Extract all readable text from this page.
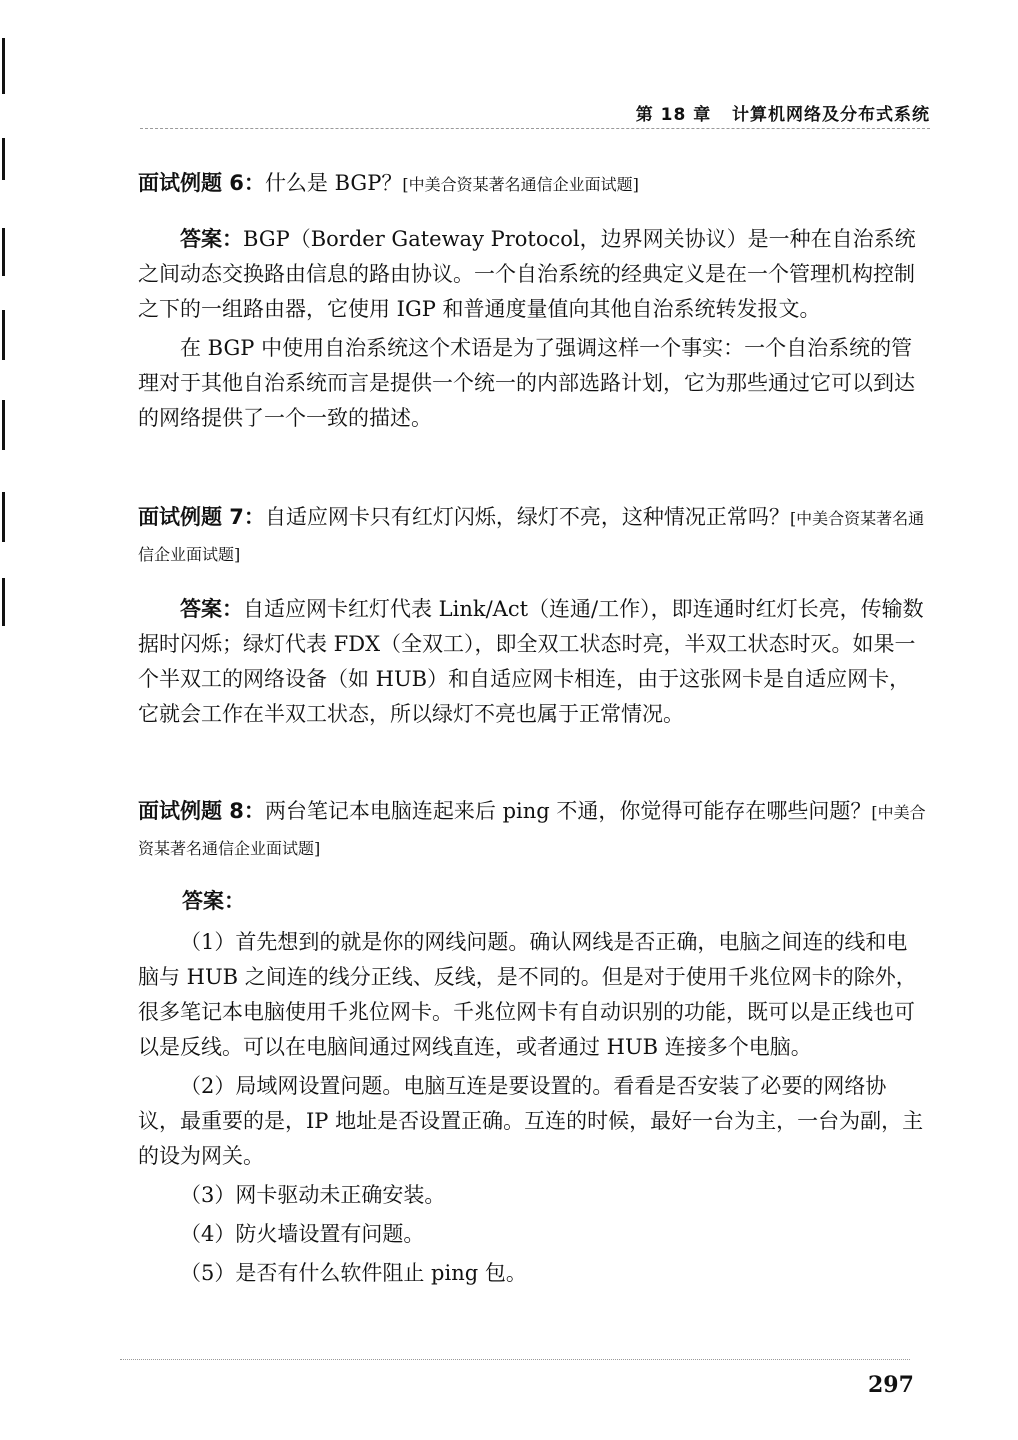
第 18 章 计算机网络及分布式系统

面试例题 6：什么是 BGP？[中美合资某著名通信企业面试题]

答案：BGP（Border Gateway Protocol，边界网关协议）是一种在自治系统之间动态交换路由信息的路由协议。一个自治系统的经典定义是在一个管理机构控制之下的一组路由器，它使用 IGP 和普通度量值向其他自治系统转发报文。

在 BGP 中使用自治系统这个术语是为了强调这样一个事实：一个自治系统的管理对于其他自治系统而言是提供一个统一的内部选路计划，它为那些通过它可以到达的网络提供了一个一致的描述。

面试例题 7：自适应网卡只有红灯闪烁，绿灯不亮，这种情况正常吗？[中美合资某著名通信企业面试题]

答案：自适应网卡红灯代表 Link/Act（连通/工作），即连通时红灯长亮，传输数据时闪烁；绿灯代表 FDX（全双工），即全双工状态时亮，半双工状态时灭。如果一个半双工的网络设备（如 HUB）和自适应网卡相连，由于这张网卡是自适应网卡，它就会工作在半双工状态，所以绿灯不亮也属于正常情况。

面试例题 8：两台笔记本电脑连起来后 ping 不通，你觉得可能存在哪些问题？[中美合资某著名通信企业面试题]

答案：

（1）首先想到的就是你的网线问题。确认网线是否正确，电脑之间连的线和电脑与 HUB 之间连的线分正线、反线，是不同的。但是对于使用千兆位网卡的除外，很多笔记本电脑使用千兆位网卡。千兆位网卡有自动识别的功能，既可以是正线也可以是反线。可以在电脑间通过网线直连，或者通过 HUB 连接多个电脑。

（2）局域网设置问题。电脑互连是要设置的。看看是否安装了必要的网络协议，最重要的是，IP 地址是否设置正确。互连的时候，最好一台为主，一台为副，主的设为网关。

（3）网卡驱动未正确安装。

（4）防火墙设置有问题。

（5）是否有什么软件阻止 ping 包。

297
